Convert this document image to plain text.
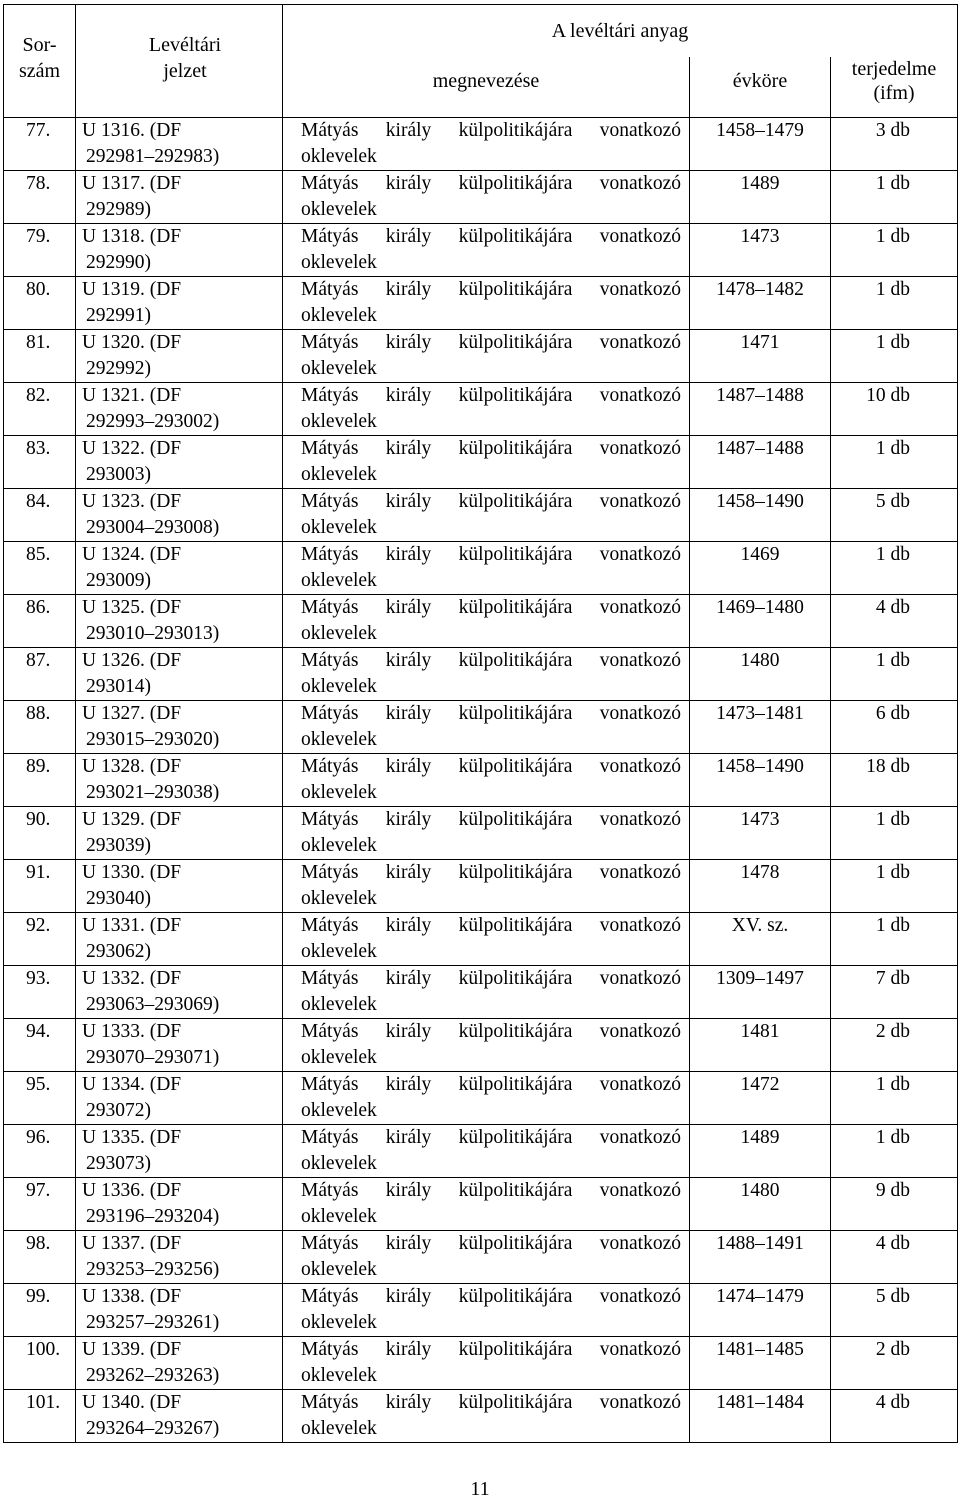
Sor-
szám	Levéltári
jelzet	A levéltári anyag		
		megnevezése	évköre	terjedelme
(ifm)

77.	U 1316. (DF
292981–292983)	Mátyás király külpolitikájára vonatkozó
oklevelek	1458–1479	3 db

78.	U 1317. (DF
292989)	Mátyás király külpolitikájára vonatkozó
oklevelek	1489	1 db

79.	U 1318. (DF
292990)	Mátyás király külpolitikájára vonatkozó
oklevelek	1473	1 db

80.	U 1319. (DF
292991)	Mátyás király külpolitikájára vonatkozó
oklevelek	1478–1482	1 db

81.	U 1320. (DF
292992)	Mátyás király külpolitikájára vonatkozó
oklevelek	1471	1 db

82.	U 1321. (DF
292993–293002)	Mátyás király külpolitikájára vonatkozó
oklevelek	1487–1488	10 db

83.	U 1322. (DF
293003)	Mátyás király külpolitikájára vonatkozó
oklevelek	1487–1488	1 db

84.	U 1323. (DF
293004–293008)	Mátyás király külpolitikájára vonatkozó
oklevelek	1458–1490	5 db

85.	U 1324. (DF
293009)	Mátyás király külpolitikájára vonatkozó
oklevelek	1469	1 db

86.	U 1325. (DF
293010–293013)	Mátyás király külpolitikájára vonatkozó
oklevelek	1469–1480	4 db

87.	U 1326. (DF
293014)	Mátyás király külpolitikájára vonatkozó
oklevelek	1480	1 db

88.	U 1327. (DF
293015–293020)	Mátyás király külpolitikájára vonatkozó
oklevelek	1473–1481	6 db

89.	U 1328. (DF
293021–293038)	Mátyás király külpolitikájára vonatkozó
oklevelek	1458–1490	18 db

90.	U 1329. (DF
293039)	Mátyás király külpolitikájára vonatkozó
oklevelek	1473	1 db

91.	U 1330. (DF
293040)	Mátyás király külpolitikájára vonatkozó
oklevelek	1478	1 db

92.	U 1331. (DF
293062)	Mátyás király külpolitikájára vonatkozó
oklevelek	XV. sz.	1 db

93.	U 1332. (DF
293063–293069)	Mátyás király külpolitikájára vonatkozó
oklevelek	1309–1497	7 db

94.	U 1333. (DF
293070–293071)	Mátyás király külpolitikájára vonatkozó
oklevelek	1481	2 db

95.	U 1334. (DF
293072)	Mátyás király külpolitikájára vonatkozó
oklevelek	1472	1 db

96.	U 1335. (DF
293073)	Mátyás király külpolitikájára vonatkozó
oklevelek	1489	1 db

97.	U 1336. (DF
293196–293204)	Mátyás király külpolitikájára vonatkozó
oklevelek	1480	9 db

98.	U 1337. (DF
293253–293256)	Mátyás király külpolitikájára vonatkozó
oklevelek	1488–1491	4 db

99.	U 1338. (DF
293257–293261)	Mátyás király külpolitikájára vonatkozó
oklevelek	1474–1479	5 db

100.	U 1339. (DF
293262–293263)	Mátyás király külpolitikájára vonatkozó
oklevelek	1481–1485	2 db

101.	U 1340. (DF
293264–293267)	Mátyás király külpolitikájára vonatkozó
oklevelek	1481–1484	4 db
11
